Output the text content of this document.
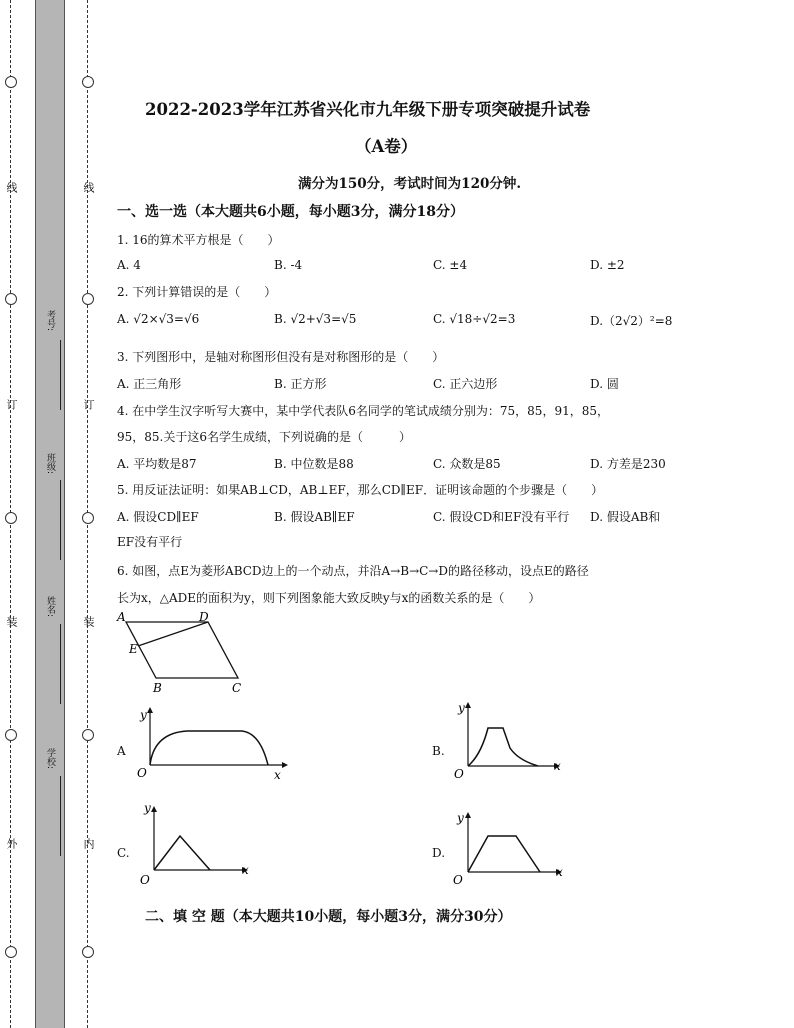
线
订
装
外
线
订
装
内
考号:
班级:
姓名:
学校:
2022-2023学年江苏省兴化市九年级下册专项突破提升试卷
（A卷）
满分为150分，考试时间为120分钟.
一、选一选（本大题共6小题，每小题3分，满分18分）
1. 16的算术平方根是（　　）
A. 4	B. -4	C. ±4	D. ±2
2. 下列计算错误的是（　　）
A. √2×√3=√6	B. √2+√3=√5	C. √18÷√2=3	D.（2√2）²=8
3. 下列图形中，是轴对称图形但没有是对称图形的是（　　）
A. 正三角形	B. 正方形	C. 正六边形	D. 圆
4. 在中学生汉字听写大赛中，某中学代表队6名同学的笔试成绩分别为：75，85，91，85，
95，85.关于这6名学生成绩，下列说确的是（　　　）
A. 平均数是87	B. 中位数是88	C. 众数是85	D. 方差是230
5. 用反证法证明：如果AB⊥CD，AB⊥EF，那么CD∥EF．证明该命题的个步骤是（　　）
A. 假设CD∥EF	B. 假设AB∥EF	C. 假设CD和EF没有平行 D. 假设AB和
EF没有平行
6. 如图，点E为菱形ABCD边上的一个动点，并沿A→B→C→D的路径移动，设点E的路径
长为x，△ADE的面积为y，则下列图象能大致反映y与x的函数关系的是（　　）
A	D
E
B	C
A
y
x
O
B.
y
x
O
C.
y
x
O
D.
y
x
O
二、填 空 题（本大题共10小题，每小题3分，满分30分）
